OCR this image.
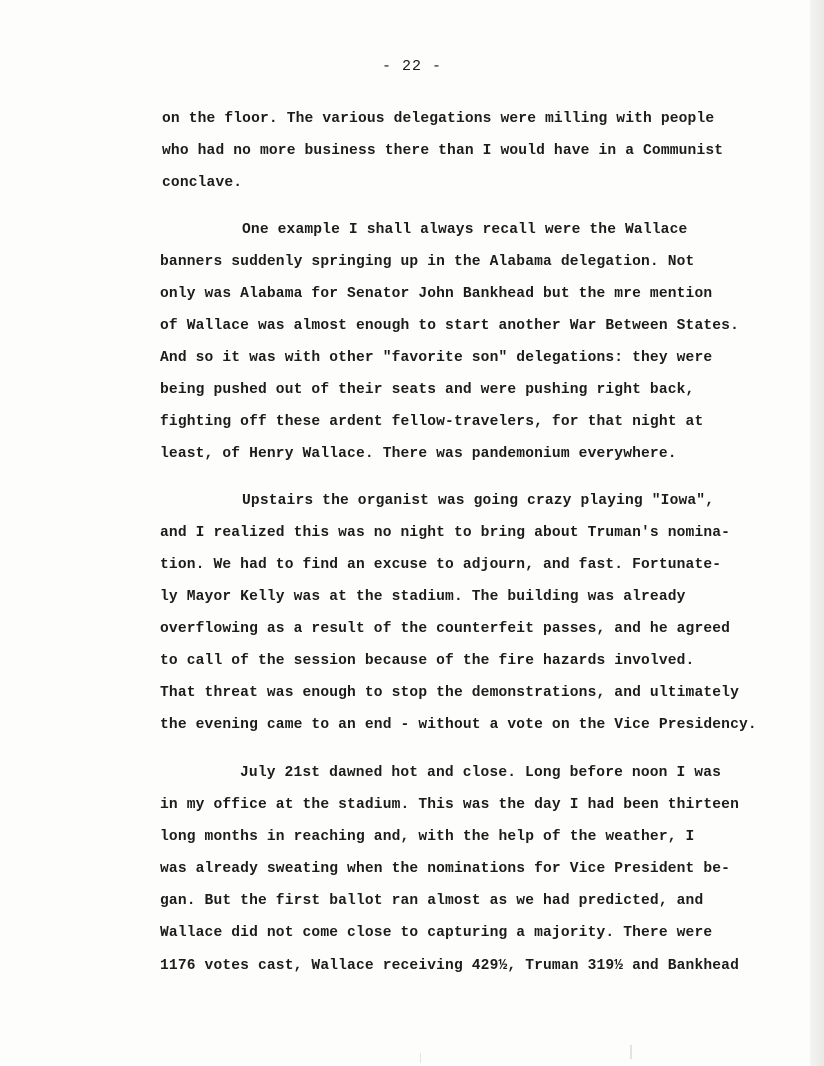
- 22 -
on the floor. The various delegations were milling with people
who had no more business there than I would have in a Communist
conclave.
One example I shall always recall were the Wallace
banners suddenly springing up in the Alabama delegation. Not
only was Alabama for Senator John Bankhead but the mre mention
of Wallace was almost enough to start another War Between States.
And so it was with other "favorite son" delegations: they were
being pushed out of their seats and were pushing right back,
fighting off these ardent fellow-travelers, for that night at
least, of Henry Wallace. There was pandemonium everywhere.
Upstairs the organist was going crazy playing "Iowa",
and I realized this was no night to bring about Truman's nomina-
tion. We had to find an excuse to adjourn, and fast. Fortunate-
ly Mayor Kelly was at the stadium. The building was already
overflowing as a result of the counterfeit passes, and he agreed
to call of the session because of the fire hazards involved.
That threat was enough to stop the demonstrations, and ultimately
the evening came to an end - without a vote on the Vice Presidency.
July 21st dawned hot and close. Long before noon I was
in my office at the stadium. This was the day I had been thirteen
long months in reaching and, with the help of the weather, I
was already sweating when the nominations for Vice President be-
gan. But the first ballot ran almost as we had predicted, and
Wallace did not come close to capturing a majority. There were
1176 votes cast, Wallace receiving 429½, Truman 319½ and Bankhead
